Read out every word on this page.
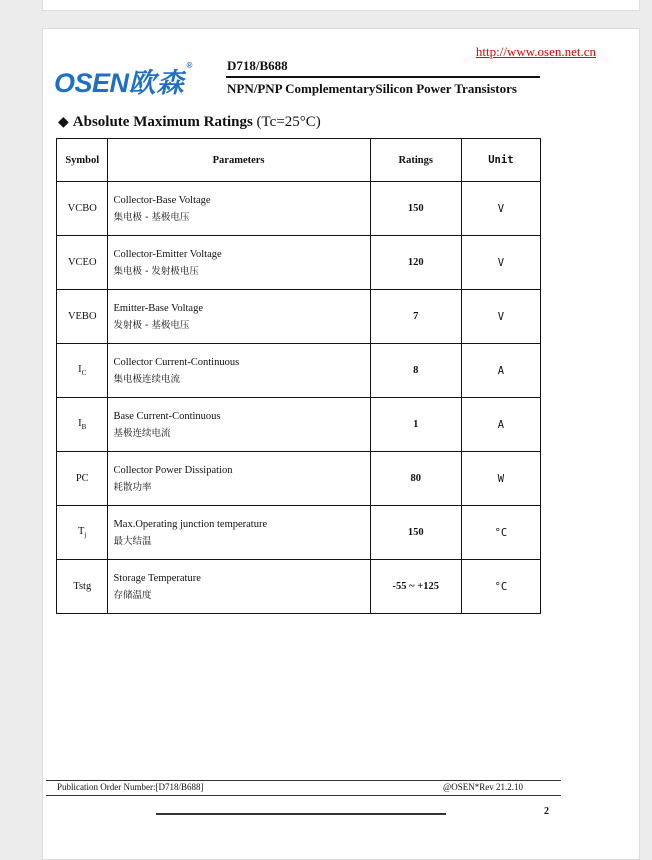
OSEN欧森®
http://www.osen.net.cn
D718/B688
NPN/PNP ComplementarySilicon Power Transistors
◆ Absolute Maximum Ratings (Tc=25°C)
Symbol	Parameters	Ratings	Unit
VCBO	Collector-Base Voltage
集电极 - 基极电压	150	V
VCEO	Collector-Emitter Voltage
集电极 - 发射极电压	120	V
VEBO	Emitter-Base Voltage
发射极 - 基极电压	7	V
$I_C$	Collector Current-Continuous
集电极连续电流	8	A
$I_B$	Base Current-Continuous
基极连续电流	1	A
PC	Collector Power Dissipation
耗散功率	80	W
$T_j$	Max.Operating junction temperature
最大结温	150	°C
Tstg	Storage Temperature
存储温度	-55 ~ +125	°C
Publication Order Number:[D718/B688]	@OSEN*Rev 21.2.10
2
